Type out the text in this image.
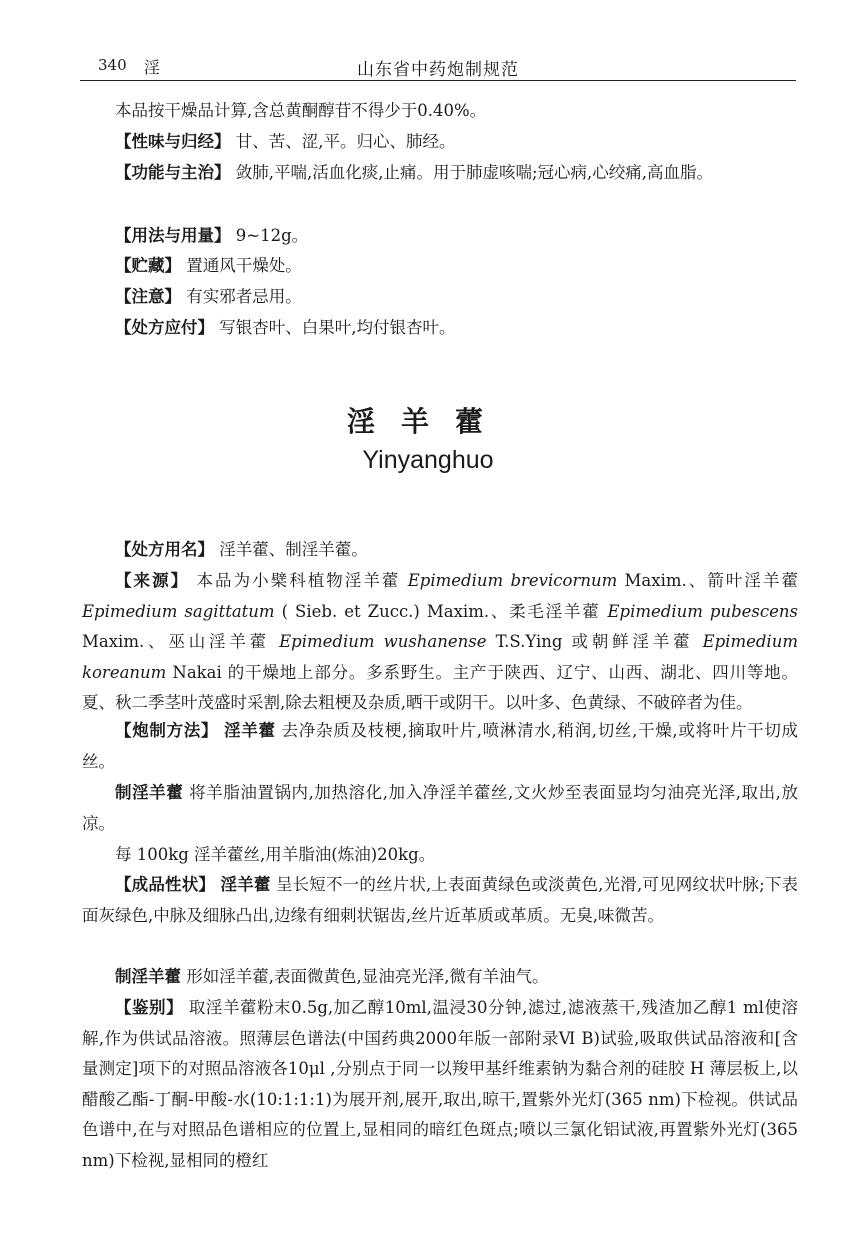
340 淫	山东省中药炮制规范

本品按干燥品计算,含总黄酮醇苷不得少于0.40%。

【性味与归经】 甘、苦、涩,平。归心、肺经。

【功能与主治】 敛肺,平喘,活血化痰,止痛。用于肺虚咳喘;冠心病,心绞痛,高血脂。

【用法与用量】 9~12g。

【贮藏】 置通风干燥处。

【注意】 有实邪者忌用。

【处方应付】 写银杏叶、白果叶,均付银杏叶。

淫羊藿
Yinyanghuo

【处方用名】 淫羊藿、制淫羊藿。

【来源】 本品为小檗科植物淫羊藿 Epimedium brevicornum Maxim.、箭叶淫羊藿 Epimedium sagittatum ( Sieb. et Zucc.) Maxim.、柔毛淫羊藿 Epimedium pubescens Maxim.、巫山淫羊藿 Epimedium wushanense T.S.Ying 或朝鲜淫羊藿 Epimedium koreanum Nakai 的干燥地上部分。多系野生。主产于陕西、辽宁、山西、湖北、四川等地。夏、秋二季茎叶茂盛时采割,除去粗梗及杂质,晒干或阴干。以叶多、色黄绿、不破碎者为佳。

【炮制方法】 淫羊藿 去净杂质及枝梗,摘取叶片,喷淋清水,稍润,切丝,干燥,或将叶片干切成丝。

制淫羊藿 将羊脂油置锅内,加热溶化,加入净淫羊藿丝,文火炒至表面显均匀油亮光泽,取出,放凉。

每 100kg 淫羊藿丝,用羊脂油(炼油)20kg。

【成品性状】 淫羊藿 呈长短不一的丝片状,上表面黄绿色或淡黄色,光滑,可见网纹状叶脉;下表面灰绿色,中脉及细脉凸出,边缘有细刺状锯齿,丝片近革质或革质。无臭,味微苦。

制淫羊藿 形如淫羊藿,表面微黄色,显油亮光泽,微有羊油气。

【鉴别】 取淫羊藿粉末0.5g,加乙醇10ml,温浸30分钟,滤过,滤液蒸干,残渣加乙醇1 ml使溶解,作为供试品溶液。照薄层色谱法(中国药典2000年版一部附录Ⅵ B)试验,吸取供试品溶液和[含量测定]项下的对照品溶液各10μl ,分别点于同一以羧甲基纤维素钠为黏合剂的硅胶 H 薄层板上,以醋酸乙酯-丁酮-甲酸-水(10:1:1:1)为展开剂,展开,取出,晾干,置紫外光灯(365 nm)下检视。供试品色谱中,在与对照品色谱相应的位置上,显相同的暗红色斑点;喷以三氯化铝试液,再置紫外光灯(365 nm)下检视,显相同的橙红
